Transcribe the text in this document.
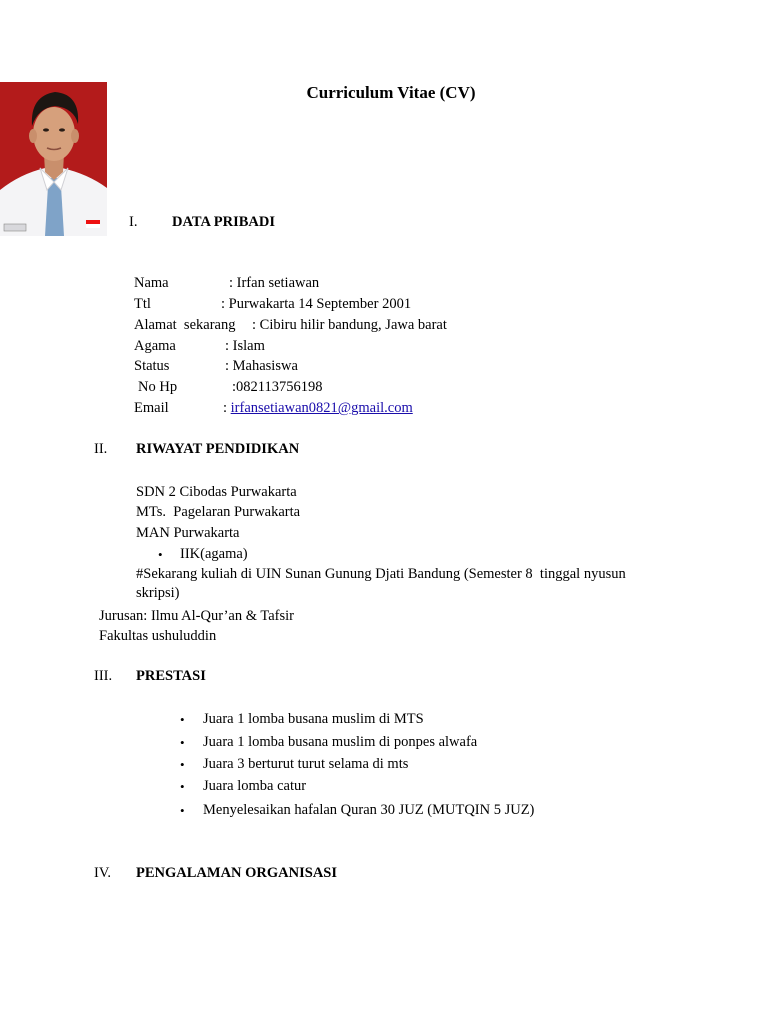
Curriculum Vitae (CV)
I. DATA PRIBADI
Nama	: Irfan setiawan
Ttl	: Purwakarta 14 September 2001
Alamat  sekarang : Cibiru hilir bandung, Jawa barat
Agama	: Islam
Status	: Mahasiswa
No Hp	:082113756198
Email	: irfansetiawan0821@gmail.com
II. RIWAYAT PENDIDIKAN
SDN 2 Cibodas Purwakarta
MTs.  Pagelaran Purwakarta
MAN Purwakarta
• IIK(agama)
#Sekarang kuliah di UIN Sunan Gunung Djati Bandung (Semester 8  tinggal nyusun
skripsi)
Jurusan: Ilmu Al-Qur’an & Tafsir
Fakultas ushuluddin
III. PRESTASI
• Juara 1 lomba busana muslim di MTS
• Juara 1 lomba busana muslim di ponpes alwafa
• Juara 3 berturut turut selama di mts
• Juara lomba catur
• Menyelesaikan hafalan Quran 30 JUZ (MUTQIN 5 JUZ)
IV. PENGALAMAN ORGANISASI
